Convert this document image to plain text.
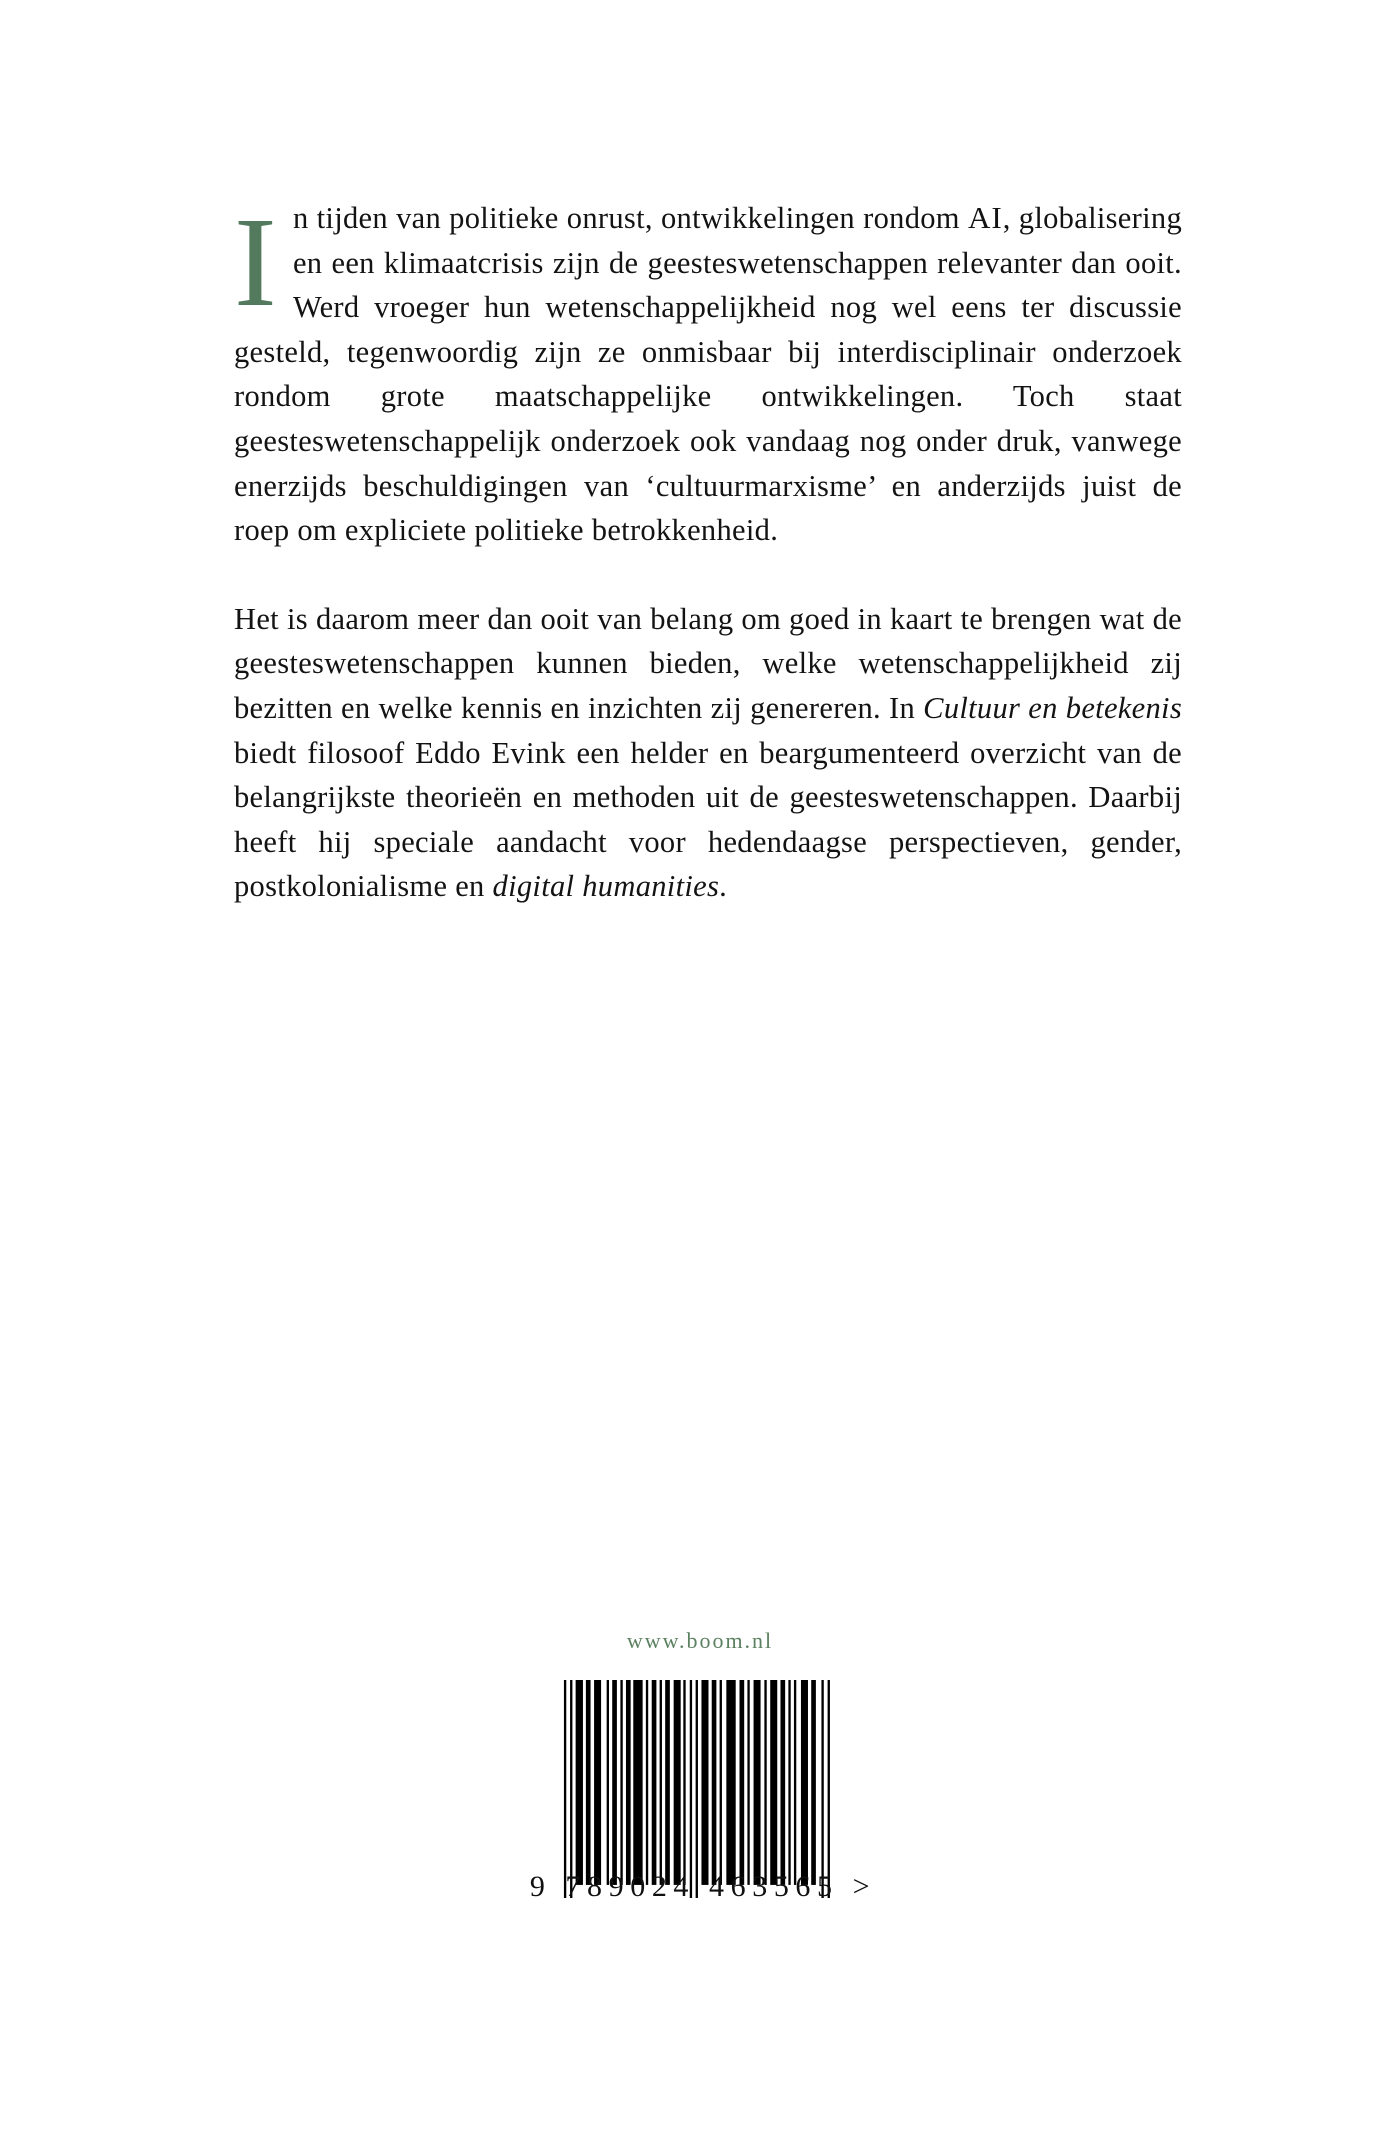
In tijden van politieke onrust, ontwikkelingen rondom AI, globalisering en een klimaatcrisis zijn de geesteswetenschappen relevanter dan ooit. Werd vroeger hun wetenschappelijkheid nog wel eens ter discussie gesteld, tegenwoordig zijn ze onmisbaar bij interdisciplinair onderzoek rondom grote maatschappelijke ontwikkelingen. Toch staat geesteswetenschappelijk onderzoek ook vandaag nog onder druk, vanwege enerzijds beschuldigingen van ‘cultuurmarxisme’ en anderzijds juist de roep om expliciete politieke betrokkenheid.

Het is daarom meer dan ooit van belang om goed in kaart te brengen wat de geesteswetenschappen kunnen bieden, welke wetenschappelijkheid zij bezitten en welke kennis en inzichten zij genereren. In Cultuur en betekenis biedt filosoof Eddo Evink een helder en beargumenteerd overzicht van de belangrijkste theorieën en methoden uit de geesteswetenschappen. Daarbij heeft hij speciale aandacht voor hedendaagse perspectieven, gender, postkolonialisme en digital humanities.

www.boom.nl
9 789024 463565 >
